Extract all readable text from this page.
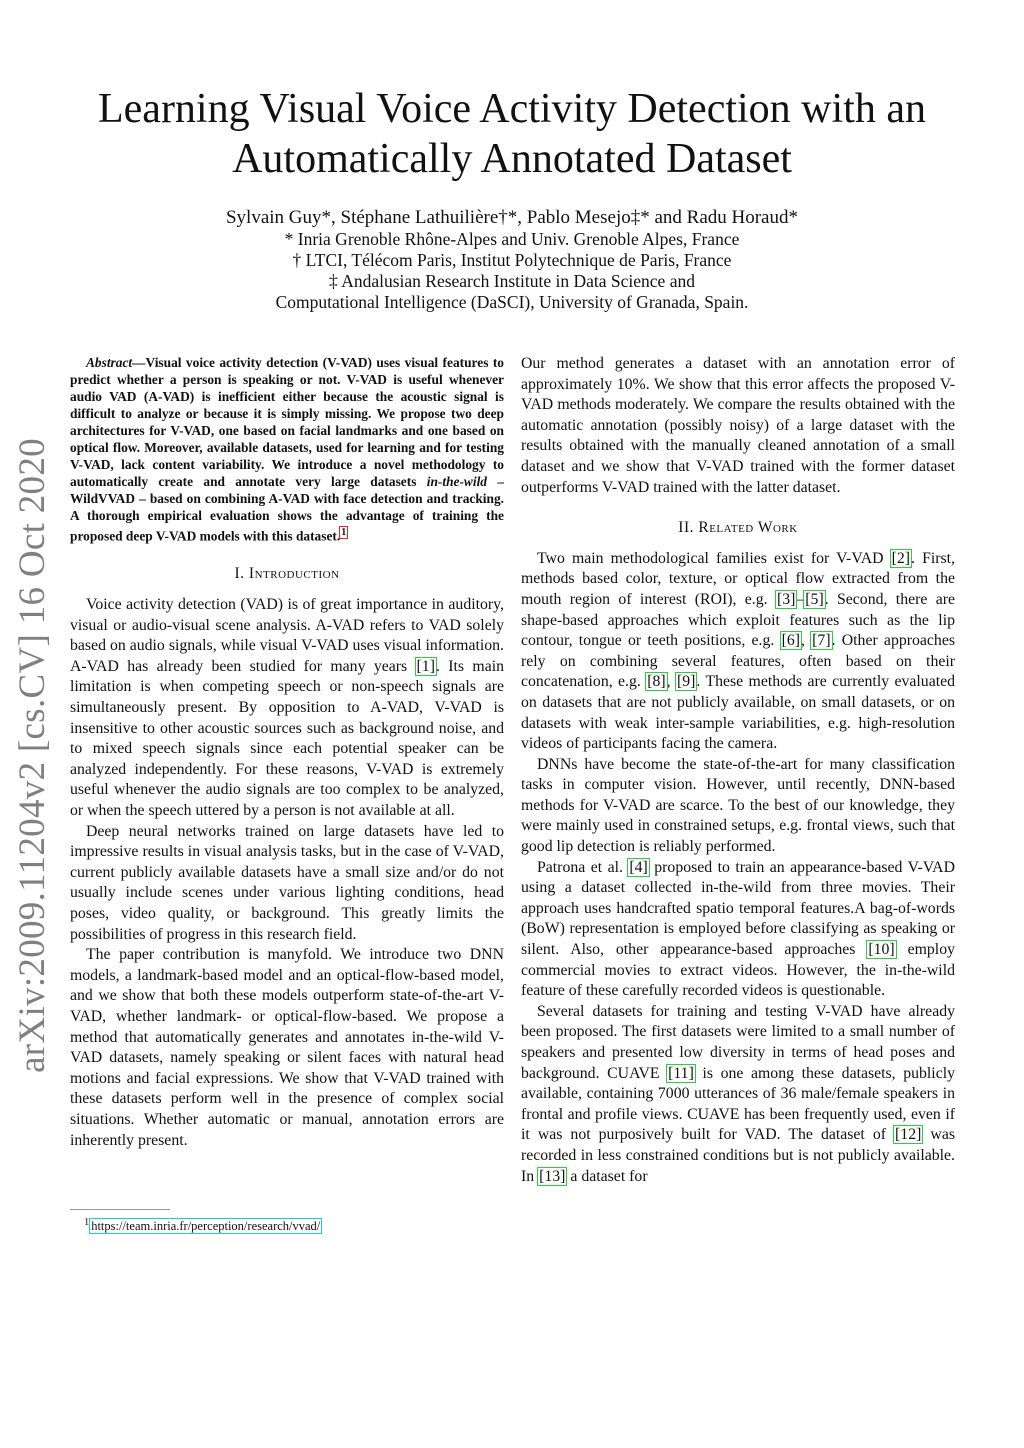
arXiv:2009.11204v2 [cs.CV] 16 Oct 2020
Learning Visual Voice Activity Detection with an
Automatically Annotated Dataset
Sylvain Guy*, Stéphane Lathuilière†*, Pablo Mesejo‡* and Radu Horaud*
* Inria Grenoble Rhône-Alpes and Univ. Grenoble Alpes, France
† LTCI, Télécom Paris, Institut Polytechnique de Paris, France
‡ Andalusian Research Institute in Data Science and
Computational Intelligence (DaSCI), University of Granada, Spain.
Abstract—Visual voice activity detection (V-VAD) uses visual features to predict whether a person is speaking or not. V-VAD is useful whenever audio VAD (A-VAD) is inefficient either because the acoustic signal is difficult to analyze or because it is simply missing. We propose two deep architectures for V-VAD, one based on facial landmarks and one based on optical flow. Moreover, available datasets, used for learning and for testing V-VAD, lack content variability. We introduce a novel methodology to automatically create and annotate very large datasets in-the-wild – WildVVAD – based on combining A-VAD with face detection and tracking. A thorough empirical evaluation shows the advantage of training the proposed deep V-VAD models with this dataset.$^1$
I. Introduction

Voice activity detection (VAD) is of great importance in auditory, visual or audio-visual scene analysis. A-VAD refers to VAD solely based on audio signals, while visual V-VAD uses visual information. A-VAD has already been studied for many years [1]. Its main limitation is when competing speech or non-speech signals are simultaneously present. By opposition to A-VAD, V-VAD is insensitive to other acoustic sources such as background noise, and to mixed speech signals since each potential speaker can be analyzed independently. For these reasons, V-VAD is extremely useful whenever the audio signals are too complex to be analyzed, or when the speech uttered by a person is not available at all.

Deep neural networks trained on large datasets have led to impressive results in visual analysis tasks, but in the case of V-VAD, current publicly available datasets have a small size and/or do not usually include scenes under various lighting conditions, head poses, video quality, or background. This greatly limits the possibilities of progress in this research field.

The paper contribution is manyfold. We introduce two DNN models, a landmark-based model and an optical-flow-based model, and we show that both these models outperform state-of-the-art V-VAD, whether landmark- or optical-flow-based. We propose a method that automatically generates and annotates in-the-wild V-VAD datasets, namely speaking or silent faces with natural head motions and facial expressions. We show that V-VAD trained with these datasets perform well in the presence of complex social situations. Whether automatic or manual, annotation errors are inherently present.

$^1$ https://team.inria.fr/perception/research/vvad/

Our method generates a dataset with an annotation error of approximately 10%. We show that this error affects the proposed V-VAD methods moderately. We compare the results obtained with the automatic annotation (possibly noisy) of a large dataset with the results obtained with the manually cleaned annotation of a small dataset and we show that V-VAD trained with the former dataset outperforms V-VAD trained with the latter dataset.

II. Related Work

Two main methodological families exist for V-VAD [2]. First, methods based color, texture, or optical flow extracted from the mouth region of interest (ROI), e.g. [3]–[5]. Second, there are shape-based approaches which exploit features such as the lip contour, tongue or teeth positions, e.g. [6], [7]. Other approaches rely on combining several features, often based on their concatenation, e.g. [8], [9]. These methods are currently evaluated on datasets that are not publicly available, on small datasets, or on datasets with weak inter-sample variabilities, e.g. high-resolution videos of participants facing the camera.

DNNs have become the state-of-the-art for many classification tasks in computer vision. However, until recently, DNN-based methods for V-VAD are scarce. To the best of our knowledge, they were mainly used in constrained setups, e.g. frontal views, such that good lip detection is reliably performed.

Patrona et al. [4] proposed to train an appearance-based V-VAD using a dataset collected in-the-wild from three movies. Their approach uses handcrafted spatio temporal features.A bag-of-words (BoW) representation is employed before classifying as speaking or silent. Also, other appearance-based approaches [10] employ commercial movies to extract videos. However, the in-the-wild feature of these carefully recorded videos is questionable.

Several datasets for training and testing V-VAD have already been proposed. The first datasets were limited to a small number of speakers and presented low diversity in terms of head poses and background. CUAVE [11] is one among these datasets, publicly available, containing 7000 utterances of 36 male/female speakers in frontal and profile views. CUAVE has been frequently used, even if it was not purposively built for VAD. The dataset of [12] was recorded in less constrained conditions but is not publicly available. In [13] a dataset for
